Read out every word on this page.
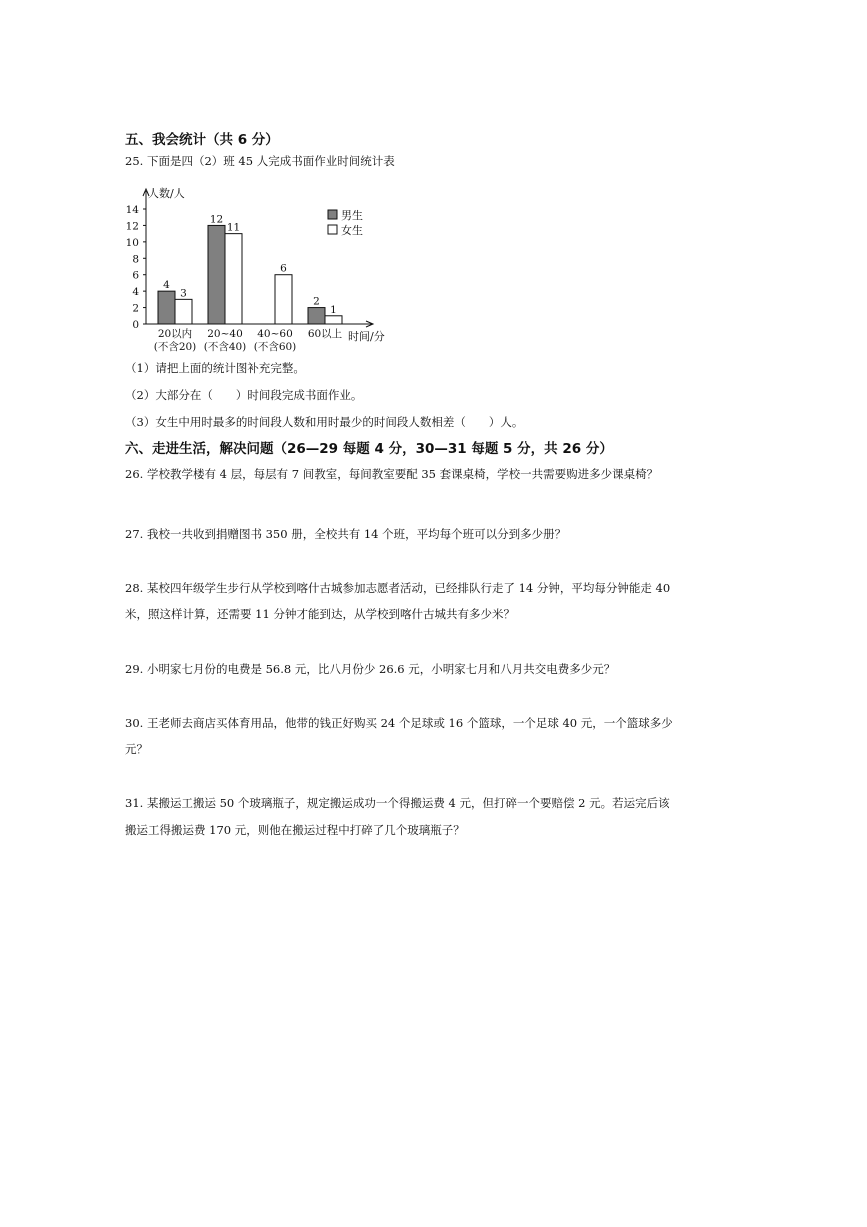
五、我会统计（共 6 分）
25. 下面是四（2）班 45 人完成书面作业时间统计表
人数/人
时间/分
0
2
4
6
8
10
12
14
20以内
(不含20)
20~40
(不含40)
40~60
(不含60)
60以上
4
3
12
11
6
2
1
男生
女生
（1）请把上面的统计图补充完整。
（2）大部分在（　　）时间段完成书面作业。
（3）女生中用时最多的时间段人数和用时最少的时间段人数相差（　　）人。
六、走进生活，解决问题（26—29 每题 4 分，30—31 每题 5 分，共 26 分）
26. 学校教学楼有 4 层，每层有 7 间教室，每间教室要配 35 套课桌椅，学校一共需要购进多少课桌椅？
27. 我校一共收到捐赠图书 350 册，全校共有 14 个班，平均每个班可以分到多少册？
28. 某校四年级学生步行从学校到喀什古城参加志愿者活动，已经排队行走了 14 分钟，平均每分钟能走 40
米，照这样计算，还需要 11 分钟才能到达，从学校到喀什古城共有多少米？
29. 小明家七月份的电费是 56.8 元，比八月份少 26.6 元，小明家七月和八月共交电费多少元？
30. 王老师去商店买体育用品，他带的钱正好购买 24 个足球或 16 个篮球，一个足球 40 元，一个篮球多少
元？
31. 某搬运工搬运 50 个玻璃瓶子，规定搬运成功一个得搬运费 4 元，但打碎一个要赔偿 2 元。若运完后该
搬运工得搬运费 170 元，则他在搬运过程中打碎了几个玻璃瓶子？
